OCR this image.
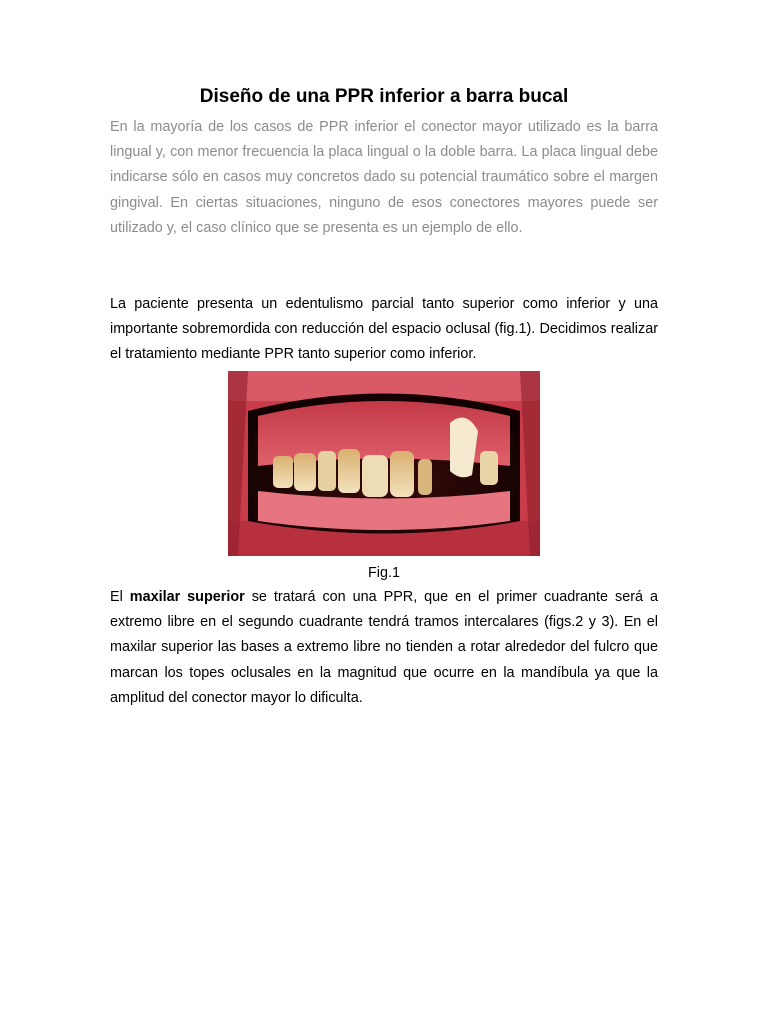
Diseño de una PPR inferior a barra bucal

En la mayoría de los casos de PPR inferior el conector mayor utilizado es la barra lingual y, con menor frecuencia la placa lingual o la doble barra. La placa lingual debe indicarse sólo en casos muy concretos dado su potencial traumático sobre el margen gingival. En ciertas situaciones, ninguno de esos conectores mayores puede ser utilizado y, el caso clínico que se presenta es un ejemplo de ello.

La paciente presenta un edentulismo parcial tanto superior como inferior y una importante sobremordida con reducción del espacio oclusal (fig.1). Decidimos realizar el tratamiento mediante PPR tanto superior como inferior.

Fig.1

El maxilar superior se tratará con una PPR, que en el primer cuadrante será a extremo libre en el segundo cuadrante tendrá tramos intercalares (figs.2 y 3). En el maxilar superior las bases a extremo libre no tienden a rotar alrededor del fulcro que marcan los topes oclusales en la magnitud que ocurre en la mandíbula ya que la amplitud del conector mayor lo dificulta.
